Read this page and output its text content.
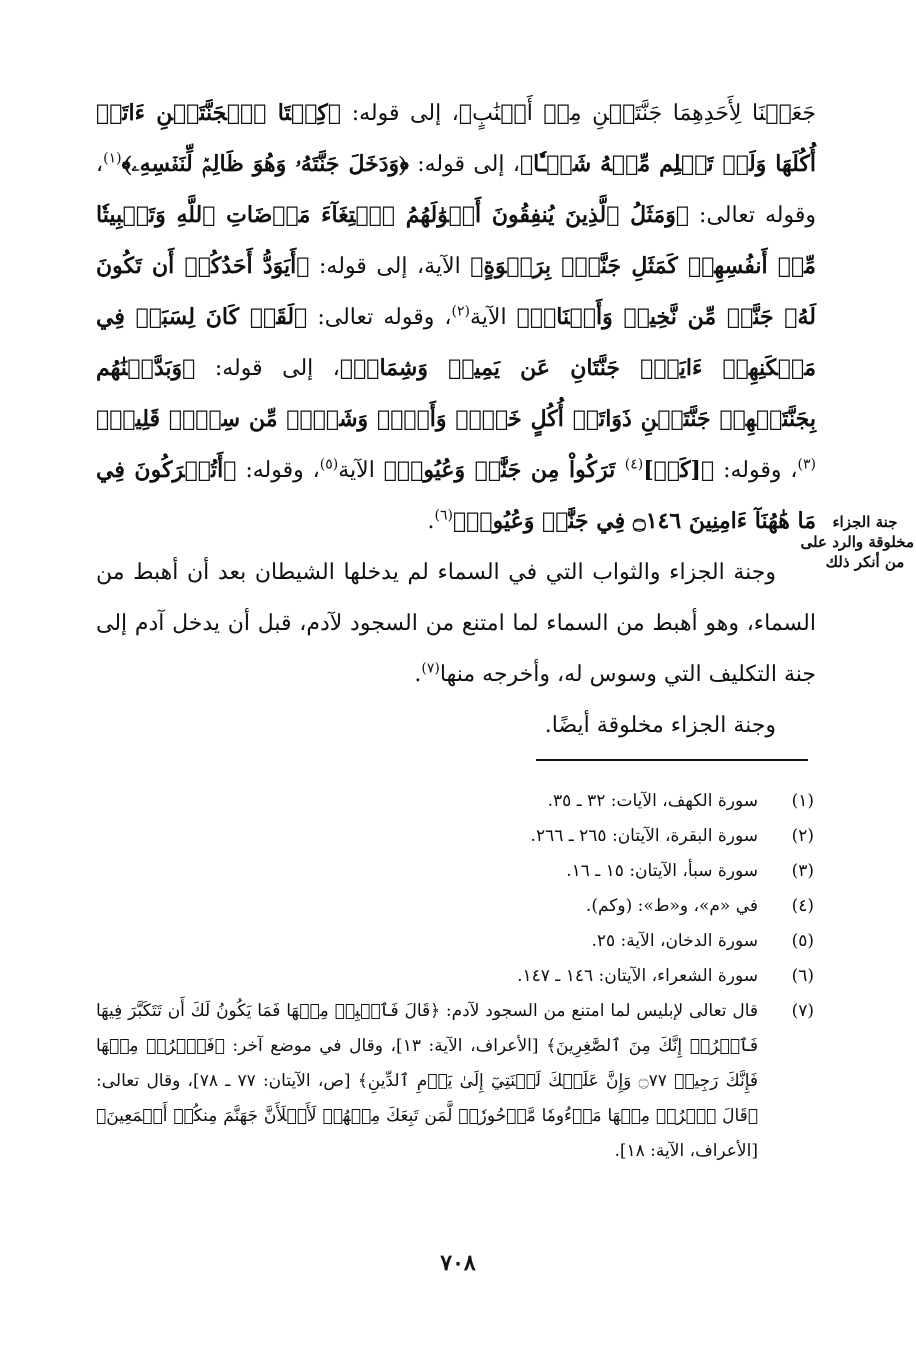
جَعَلۡنَا لِأَحَدِهِمَا جَنَّتَيۡنِ مِنۡ أَعۡنَٰبٍ﴾، إلى قوله: ﴿كِلۡتَا ٱلۡجَنَّتَيۡنِ ءَاتَتۡ أُكُلَهَا وَلَمۡ تَظۡلِم مِّنۡهُ شَيۡـٔٗا﴾، إلى قوله: ﴿وَدَخَلَ جَنَّتَهُۥ وَهُوَ ظَالِمٞ لِّنَفۡسِهِۦ﴾$^{(١)}$، وقوله تعالى: ﴿وَمَثَلُ ٱلَّذِينَ يُنفِقُونَ أَمۡوَٰلَهُمُ ٱبۡتِغَآءَ مَرۡضَاتِ ٱللَّهِ وَتَثۡبِيتٗا مِّنۡ أَنفُسِهِمۡ كَمَثَلِ جَنَّةِۭ بِرَبۡوَةٍ﴾ الآية، إلى قوله: ﴿أَيَوَدُّ أَحَدُكُمۡ أَن تَكُونَ لَهُۥ جَنَّةٞ مِّن نَّخِيلٖ وَأَعۡنَابٖ﴾ الآية$^{(٢)}$، وقوله تعالى: ﴿لَقَدۡ كَانَ لِسَبَإٖ فِي مَسۡكَنِهِمۡ ءَايَةٞۖ جَنَّتَانِ عَن يَمِينٖ وَشِمَالٖ﴾، إلى قوله: ﴿وَبَدَّلۡنَٰهُم بِجَنَّتَيۡهِمۡ جَنَّتَيۡنِ ذَوَاتَيۡ أُكُلٍ خَمۡطٖ وَأَثۡلٖ وَشَيۡءٖ مِّن سِدۡرٖ قَلِيلٖ﴾$^{(٣)}$، وقوله: ﴿[كَمۡ]$^{(٤)}$ تَرَكُواْ مِن جَنَّٰتٖ وَعُيُونٖ﴾ الآية$^{(٥)}$، وقوله: ﴿أَتُتۡرَكُونَ فِي مَا هَٰهُنَآ ءَامِنِينَ ۝١٤٦ فِي جَنَّٰتٖ وَعُيُونٖ﴾$^{(٦)}$.

وجنة الجزاء والثواب التي في السماء لم يدخلها الشيطان بعد أن أهبط من السماء، وهو أهبط من السماء لما امتنع من السجود لآدم، قبل أن يدخل آدم إلى جنة التكليف التي وسوس له، وأخرجه منها$^{(٧)}$.

وجنة الجزاء مخلوقة أيضًا.

جنة الجزاء
مخلوقة والرد على
من أنكر ذلك
(١)
سورة الكهف، الآيات: ٣٢ ـ ٣٥.
(٢)
سورة البقرة، الآيتان: ٢٦٥ ـ ٢٦٦.
(٣)
سورة سبأ، الآيتان: ١٥ ـ ١٦.
(٤)
في «م»، و«ط»: (وكم).
(٥)
سورة الدخان، الآية: ٢٥.
(٦)
سورة الشعراء، الآيتان: ١٤٦ ـ ١٤٧.
(٧)
قال تعالى لإبليس لما امتنع من السجود لآدم: ﴿قَالَ فَٱهۡبِطۡ مِنۡهَا فَمَا يَكُونُ لَكَ أَن تَتَكَبَّرَ فِيهَا فَٱخۡرُجۡ إِنَّكَ مِنَ ٱلصَّٰغِرِينَ﴾ [الأعراف، الآية: ١٣]، وقال في موضع آخر: ﴿فَٱخۡرُجۡ مِنۡهَا فَإِنَّكَ رَجِيمٞ ۝٧٧ وَإِنَّ عَلَيۡكَ لَعۡنَتِيٓ إِلَىٰ يَوۡمِ ٱلدِّينِ﴾ [ص، الآيتان: ٧٧ ـ ٧٨]، وقال تعالى: ﴿قَالَ ٱخۡرُجۡ مِنۡهَا مَذۡءُومٗا مَّدۡحُورٗاۖ لَّمَن تَبِعَكَ مِنۡهُمۡ لَأَمۡلَأَنَّ جَهَنَّمَ مِنكُمۡ أَجۡمَعِينَ﴾ [الأعراف، الآية: ١٨].
٧٠٨
